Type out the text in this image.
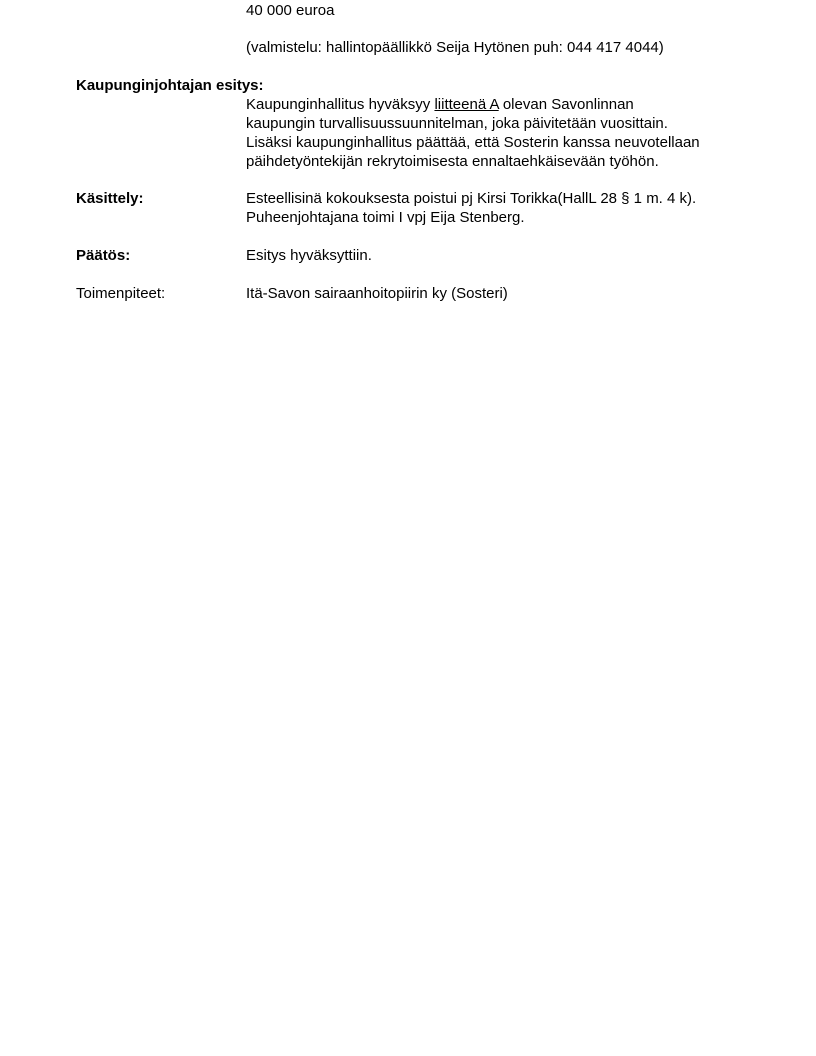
40 000 euroa
(valmistelu: hallintopäällikkö Seija Hytönen puh: 044 417 4044)
Kaupunginjohtajan esitys:
Kaupunginhallitus hyväksyy liitteenä A olevan Savonlinnan
kaupungin turvallisuussuunnitelman, joka päivitetään vuosittain.
Lisäksi kaupunginhallitus päättää, että Sosterin kanssa neuvotellaan
päihdetyöntekijän rekrytoimisesta ennaltaehkäisevään työhön.
Käsittely:	Esteellisinä kokouksesta poistui pj Kirsi Torikka(HallL 28 § 1 m. 4 k).
Puheenjohtajana toimi I vpj Eija Stenberg.
Päätös:	Esitys hyväksyttiin.
Toimenpiteet:	Itä-Savon sairaanhoitopiirin ky (Sosteri)
